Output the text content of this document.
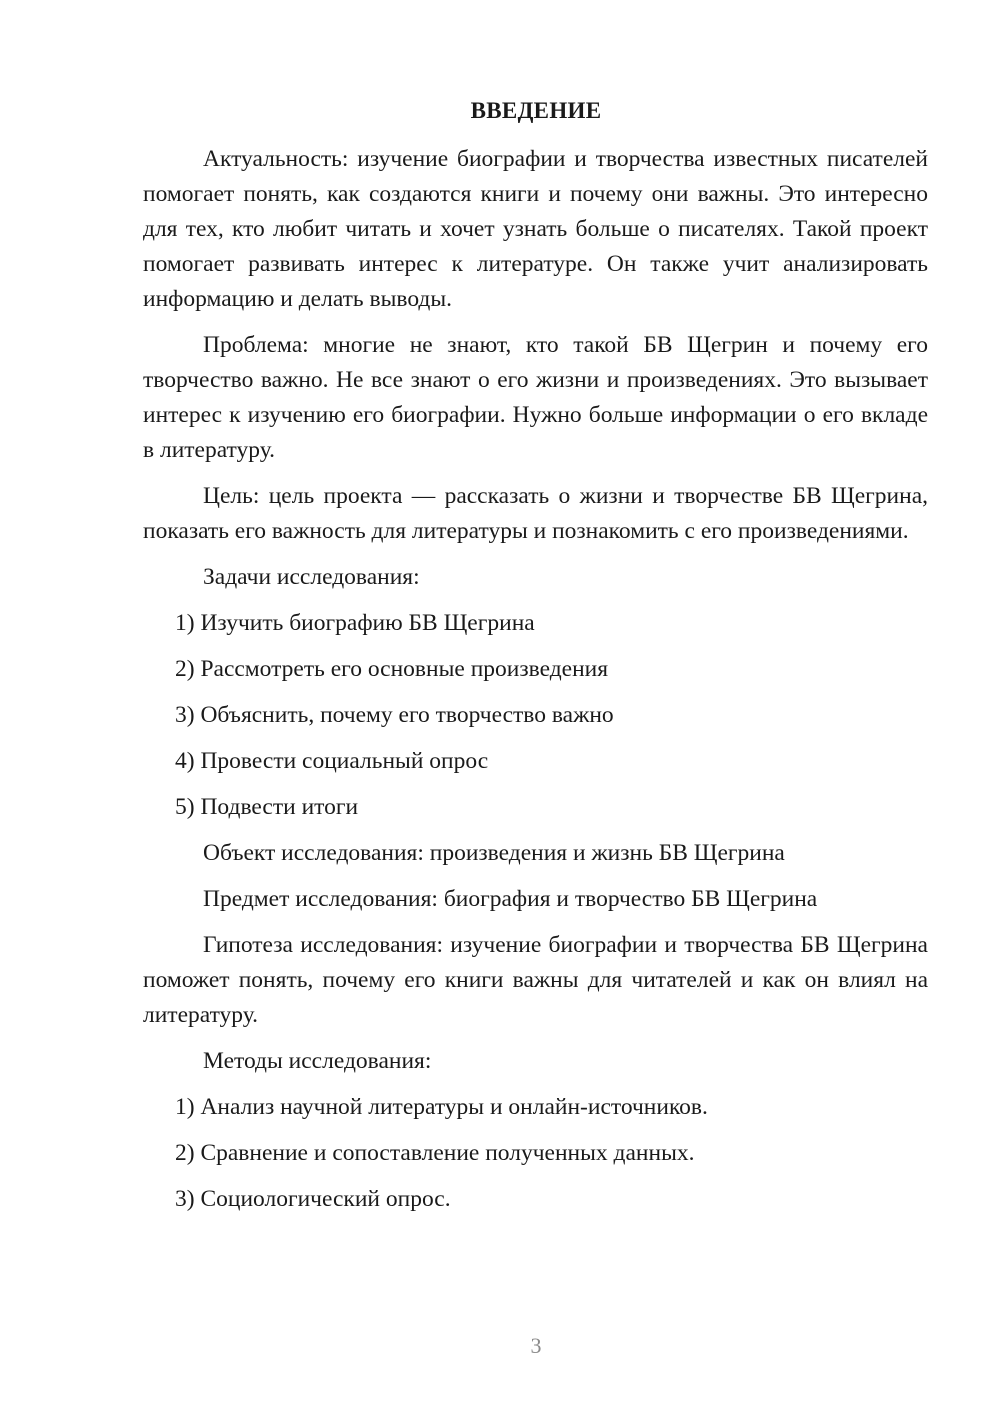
ВВЕДЕНИЕ

Актуальность: изучение биографии и творчества известных писателей помогает понять, как создаются книги и почему они важны. Это интересно для тех, кто любит читать и хочет узнать больше о писателях. Такой проект помогает развивать интерес к литературе. Он также учит анализировать информацию и делать выводы.

Проблема: многие не знают, кто такой БВ Щегрин и почему его творчество важно. Не все знают о его жизни и произведениях. Это вызывает интерес к изучению его биографии. Нужно больше информации о его вкладе в литературу.

Цель: цель проекта — рассказать о жизни и творчестве БВ Щегрина, показать его важность для литературы и познакомить с его произведениями.

Задачи исследования:

1) Изучить биографию БВ Щегрина

2) Рассмотреть его основные произведения

3) Объяснить, почему его творчество важно

4) Провести социальный опрос

5) Подвести итоги

Объект исследования: произведения и жизнь БВ Щегрина

Предмет исследования: биография и творчество БВ Щегрина

Гипотеза исследования: изучение биографии и творчества БВ Щегрина поможет понять, почему его книги важны для читателей и как он влиял на литературу.

Методы исследования:

1) Анализ научной литературы и онлайн-источников.

2) Сравнение и сопоставление полученных данных.

3) Социологический опрос.

3
